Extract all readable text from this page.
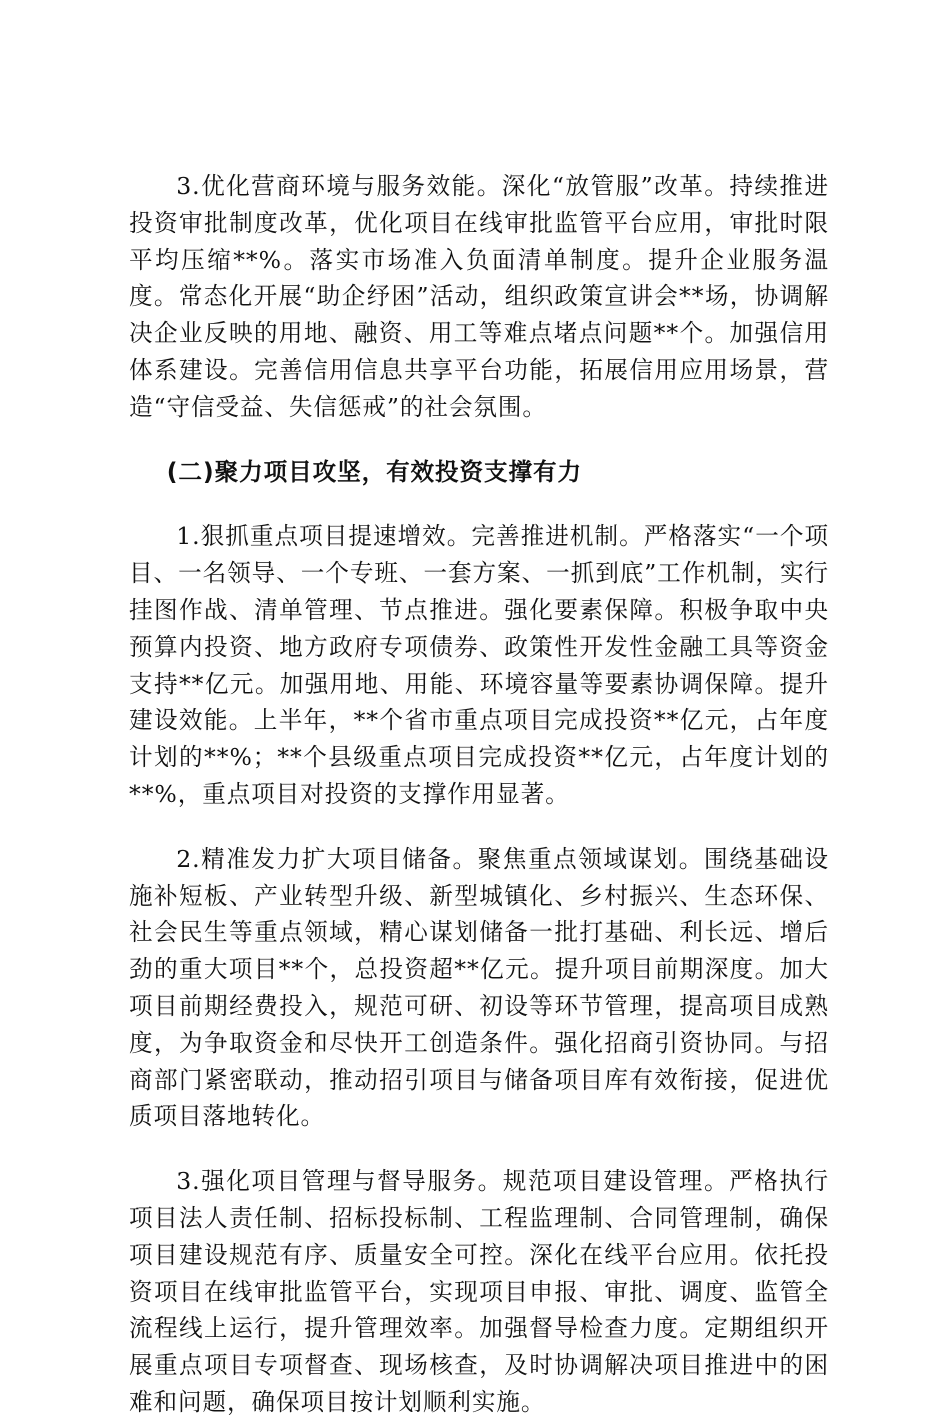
3.优化营商环境与服务效能。深化“放管服”改革。持续推进投资审批制度改革，优化项目在线审批监管平台应用，审批时限平均压缩**%。落实市场准入负面清单制度。提升企业服务温度。常态化开展“助企纾困”活动，组织政策宣讲会**场，协调解决企业反映的用地、融资、用工等难点堵点问题**个。加强信用体系建设。完善信用信息共享平台功能，拓展信用应用场景，营造“守信受益、失信惩戒”的社会氛围。

(二)聚力项目攻坚，有效投资支撑有力

1.狠抓重点项目提速增效。完善推进机制。严格落实“一个项目、一名领导、一个专班、一套方案、一抓到底”工作机制，实行挂图作战、清单管理、节点推进。强化要素保障。积极争取中央预算内投资、地方政府专项债券、政策性开发性金融工具等资金支持**亿元。加强用地、用能、环境容量等要素协调保障。提升建设效能。上半年，**个省市重点项目完成投资**亿元，占年度计划的**%；**个县级重点项目完成投资**亿元，占年度计划的**%，重点项目对投资的支撑作用显著。

2.精准发力扩大项目储备。聚焦重点领域谋划。围绕基础设施补短板、产业转型升级、新型城镇化、乡村振兴、生态环保、社会民生等重点领域，精心谋划储备一批打基础、利长远、增后劲的重大项目**个，总投资超**亿元。提升项目前期深度。加大项目前期经费投入，规范可研、初设等环节管理，提高项目成熟度，为争取资金和尽快开工创造条件。强化招商引资协同。与招商部门紧密联动，推动招引项目与储备项目库有效衔接，促进优质项目落地转化。

3.强化项目管理与督导服务。规范项目建设管理。严格执行项目法人责任制、招标投标制、工程监理制、合同管理制，确保项目建设规范有序、质量安全可控。深化在线平台应用。依托投资项目在线审批监管平台，实现项目申报、审批、调度、监管全流程线上运行，提升管理效率。加强督导检查力度。定期组织开展重点项目专项督查、现场核查，及时协调解决项目推进中的困难和问题，确保项目按计划顺利实施。
